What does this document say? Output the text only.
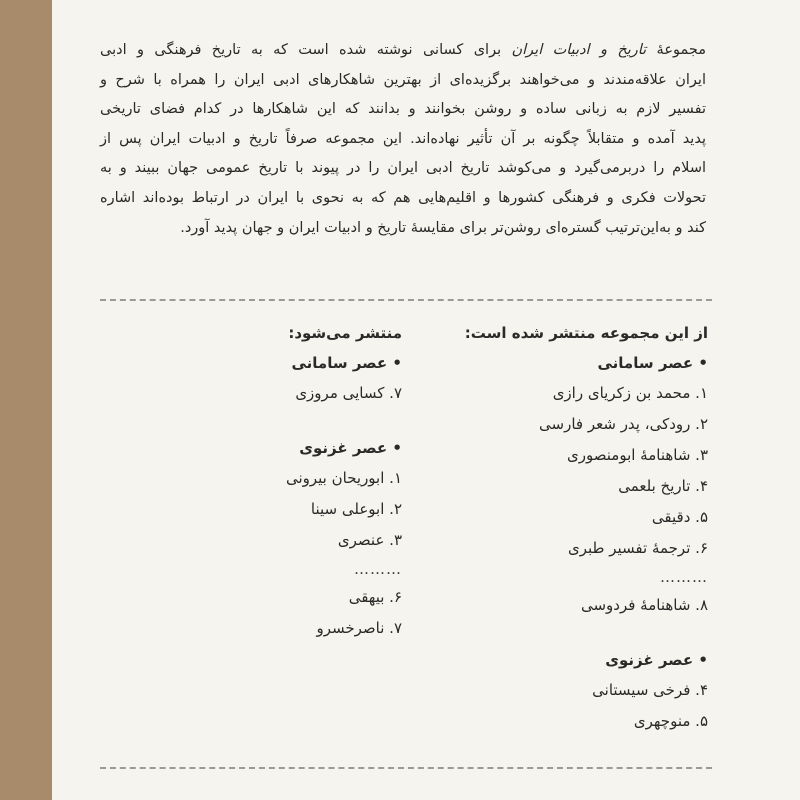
مجموعهٔ تاریخ و ادبیات ایران برای کسانی نوشته شده است که به تاریخ فرهنگی و ادبی
ایران علاقه‌مندند و می‌خواهند برگزیده‌ای از بهترین شاهکارهای ادبی ایران را همراه با شرح و
تفسیر لازم به زبانی ساده و روشن بخوانند و بدانند که این شاهکارها در کدام فضای تاریخی
پدید آمده و متقابلاً چگونه بر آن تأثیر نهاده‌اند. این مجموعه صرفاً تاریخ و ادبیات ایران پس از
اسلام را دربرمی‌گیرد و می‌کوشد تاریخ ادبی ایران را در پیوند با تاریخ عمومی جهان ببیند و به
تحولات فکری و فرهنگی کشورها و اقلیم‌هایی هم که به نحوی با ایران در ارتباط بوده‌اند اشاره
کند و به‌این‌ترتیب گستره‌ای روشن‌تر برای مقایسهٔ تاریخ و ادبیات ایران و جهان پدید آورد.
از این مجموعه منتشر شده است:
• عصر سامانی
۱. محمد بن زکریای رازی
۲. رودکی، پدر شعر فارسی
۳. شاهنامهٔ ابومنصوری
۴. تاریخ بلعمی
۵. دقیقی
۶. ترجمهٔ تفسیر طبری
………
۸. شاهنامهٔ فردوسی
• عصر غزنوی
۴. فرخی سیستانی
۵. منوچهری
منتشر می‌شود:
• عصر سامانی
۷. کسایی مروزی
• عصر غزنوی
۱. ابوریحان بیرونی
۲. ابوعلی سینا
۳. عنصری
………
۶. بیهقی
۷. ناصرخسرو
